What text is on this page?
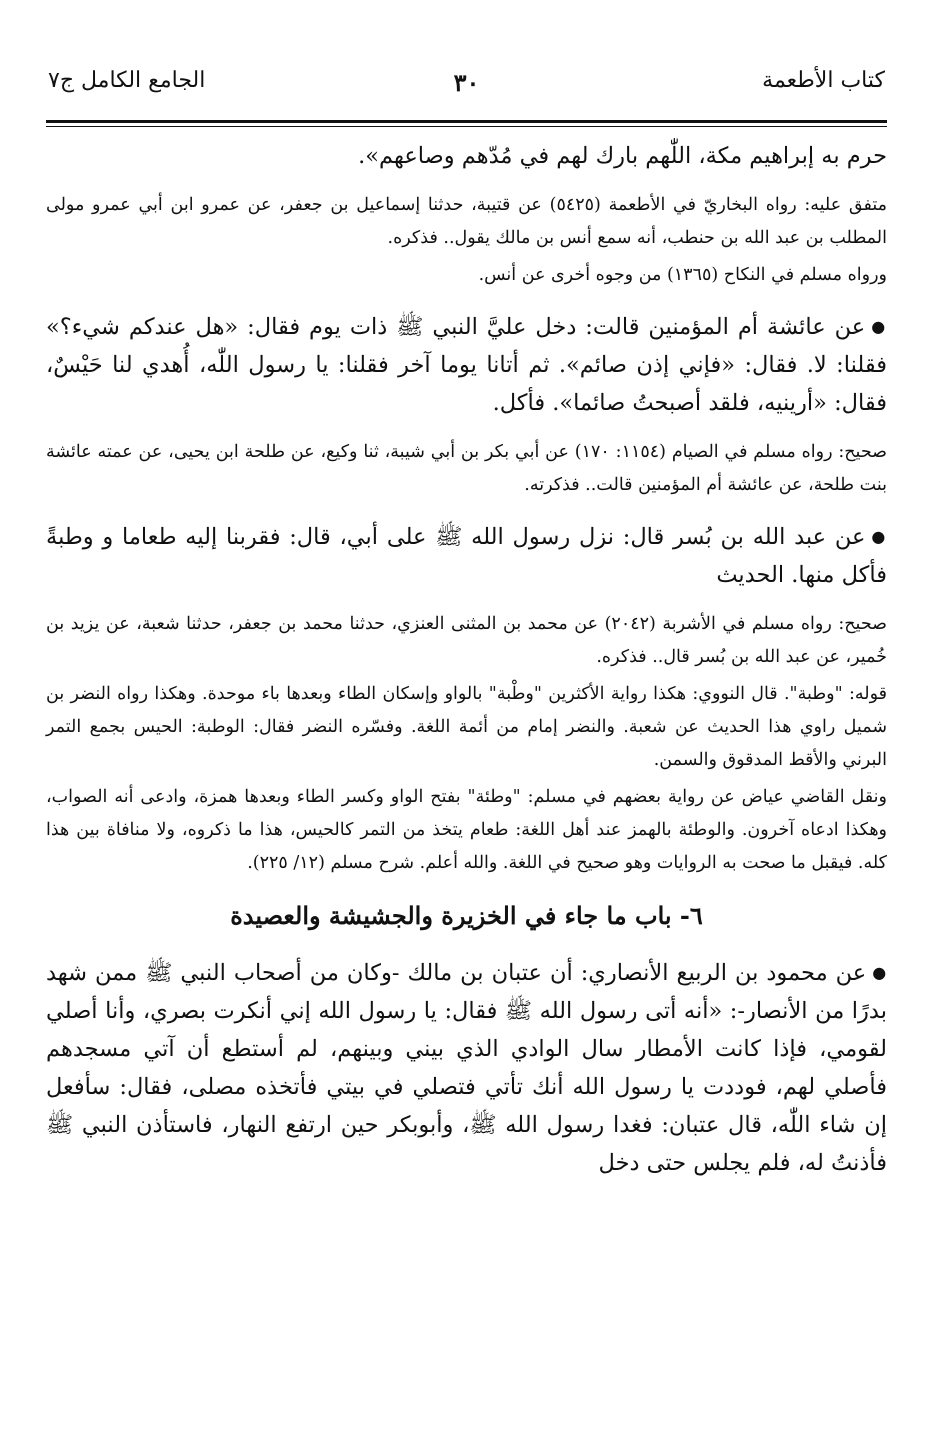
كتاب الأطعمة
٣٠
الجامع الكامل ج٧

حرم به إبراهيم مكة، اللّٰهم بارك لهم في مُدّهم وصاعهم».

متفق عليه: رواه البخاريّ في الأطعمة (٥٤٢٥) عن قتيبة، حدثنا إسماعيل بن جعفر، عن عمرو ابن أبي عمرو مولى المطلب بن عبد الله بن حنطب، أنه سمع أنس بن مالك يقول.. فذكره.

ورواه مسلم في النكاح (١٣٦٥) من وجوه أخرى عن أنس.

●عن عائشة أم المؤمنين قالت: دخل عليَّ النبي ﷺ ذات يوم فقال: «هل عندكم شيء؟» فقلنا: لا. فقال: «فإني إذن صائم». ثم أتانا يوما آخر فقلنا: يا رسول اللّٰه، أُهدي لنا حَيْسٌ، فقال: «أرينيه، فلقد أصبحتُ صائما». فأكل.

صحيح: رواه مسلم في الصيام (١١٥٤: ١٧٠) عن أبي بكر بن أبي شيبة، ثنا وكيع، عن طلحة ابن يحيى، عن عمته عائشة بنت طلحة، عن عائشة أم المؤمنين قالت.. فذكرته.

●عن عبد الله بن بُسر قال: نزل رسول الله ﷺ على أبي، قال: فقربنا إليه طعاما و وطبةً فأكل منها. الحديث

صحيح: رواه مسلم في الأشربة (٢٠٤٢) عن محمد بن المثنى العنزي، حدثنا محمد بن جعفر، حدثنا شعبة، عن يزيد بن خُمير، عن عبد الله بن بُسر قال.. فذكره.

قوله: "وطبة". قال النووي: هكذا رواية الأكثرين "وطْبة" بالواو وإسكان الطاء وبعدها باء موحدة. وهكذا رواه النضر بن شميل راوي هذا الحديث عن شعبة. والنضر إمام من أئمة اللغة. وفسّره النضر فقال: الوطبة: الحيس بجمع التمر البرني والأقط المدقوق والسمن.

ونقل القاضي عياض عن رواية بعضهم في مسلم: "وطئة" بفتح الواو وكسر الطاء وبعدها همزة، وادعى أنه الصواب، وهكذا ادعاه آخرون. والوطئة بالهمز عند أهل اللغة: طعام يتخذ من التمر كالحيس، هذا ما ذكروه، ولا منافاة بين هذا كله. فيقبل ما صحت به الروايات وهو صحيح في اللغة. والله أعلم. شرح مسلم (١٢/ ٢٢٥).

٦- باب ما جاء في الخزيرة والجشيشة والعصيدة

●عن محمود بن الربيع الأنصاري: أن عتبان بن مالك -وكان من أصحاب النبي ﷺ ممن شهد بدرًا من الأنصار-: «أنه أتى رسول الله ﷺ فقال: يا رسول الله إني أنكرت بصري، وأنا أصلي لقومي، فإذا كانت الأمطار سال الوادي الذي بيني وبينهم، لم أستطع أن آتي مسجدهم فأصلي لهم، فوددت يا رسول الله أنك تأتي فتصلي في بيتي فأتخذه مصلى، فقال: سأفعل إن شاء اللّٰه، قال عتبان: فغدا رسول الله ﷺ، وأبوبكر حين ارتفع النهار، فاستأذن النبي ﷺ فأذنتُ له، فلم يجلس حتى دخل
